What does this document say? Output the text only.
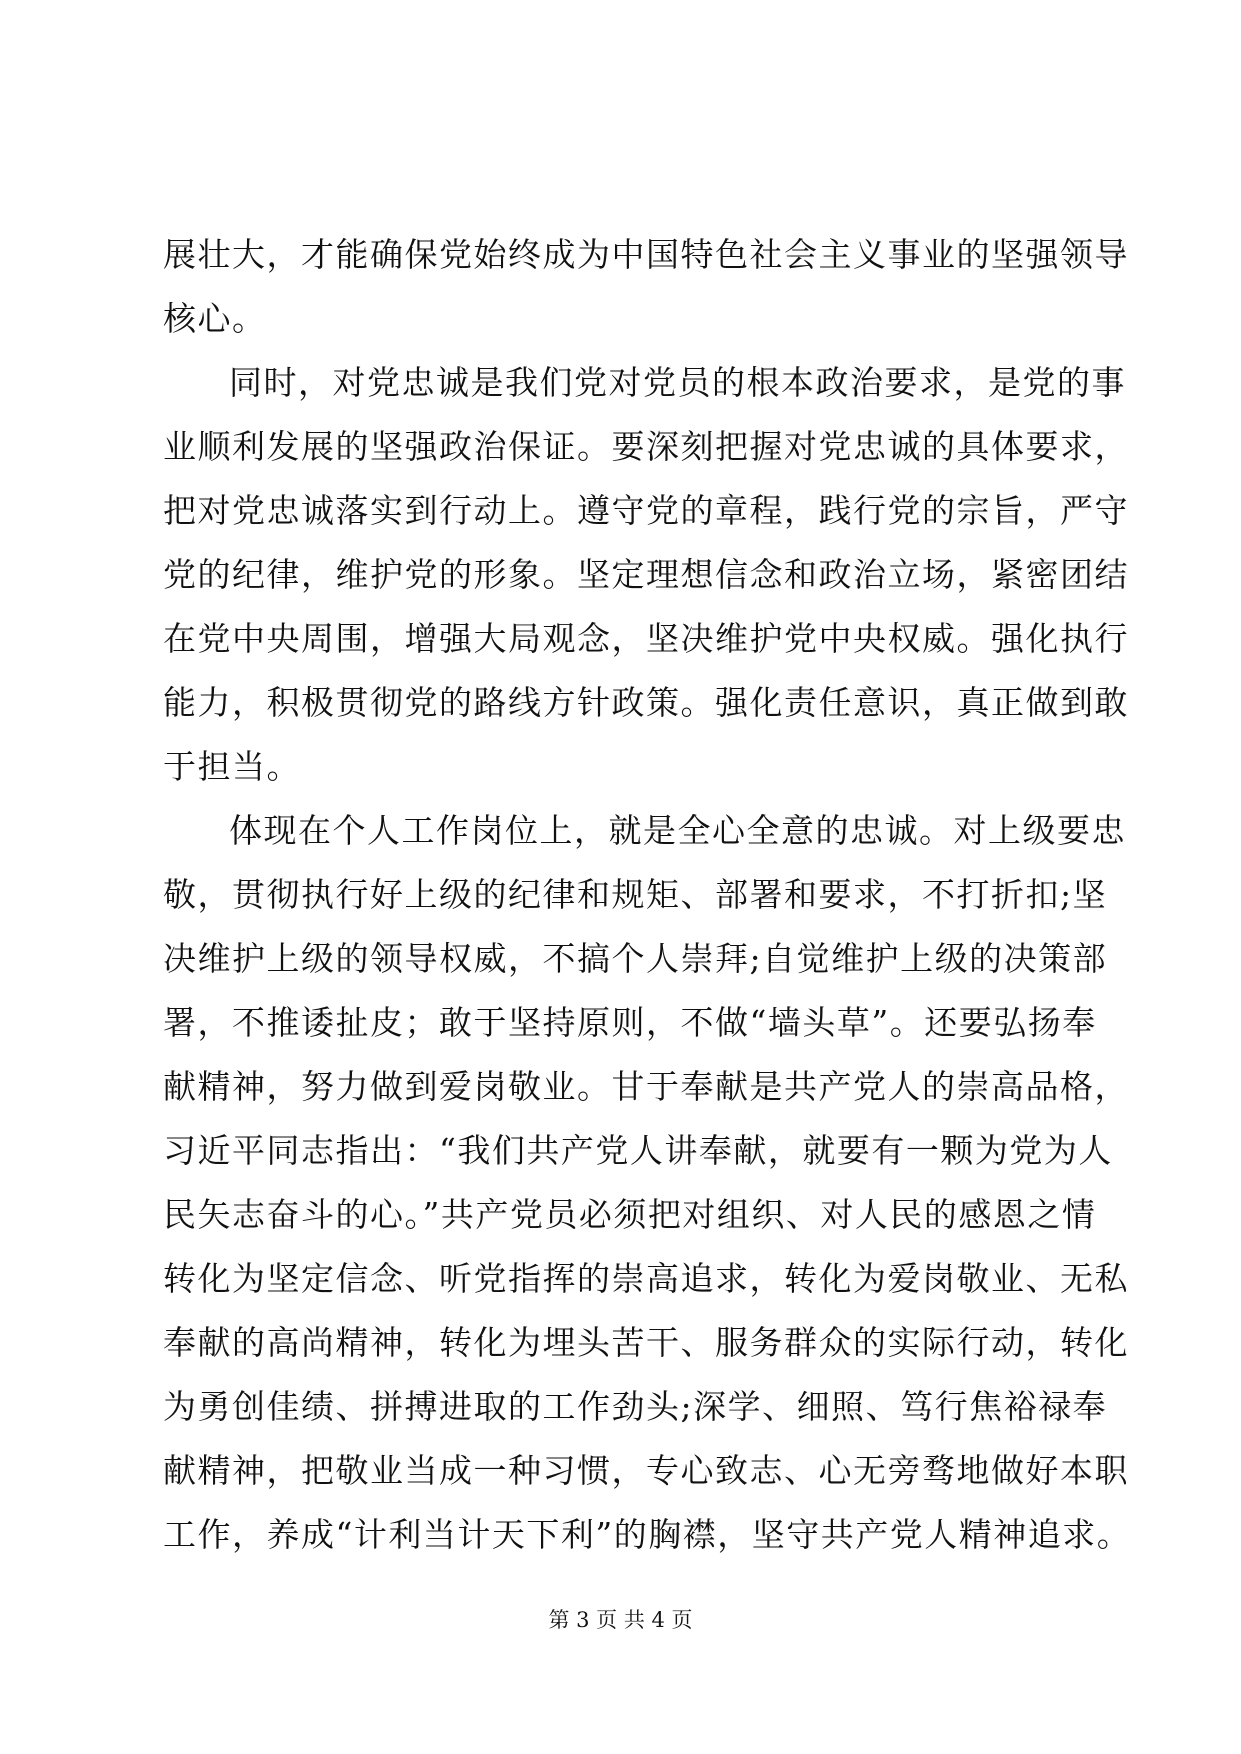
展壮大，才能确保党始终成为中国特色社会主义事业的坚强领导
核心。
同时，对党忠诚是我们党对党员的根本政治要求，是党的事
业顺利发展的坚强政治保证。要深刻把握对党忠诚的具体要求，
把对党忠诚落实到行动上。遵守党的章程，践行党的宗旨，严守
党的纪律，维护党的形象。坚定理想信念和政治立场，紧密团结
在党中央周围，增强大局观念，坚决维护党中央权威。强化执行
能力，积极贯彻党的路线方针政策。强化责任意识，真正做到敢
于担当。
体现在个人工作岗位上，就是全心全意的忠诚。对上级要忠
敬，贯彻执行好上级的纪律和规矩、部署和要求，不打折扣;坚
决维护上级的领导权威，不搞个人崇拜;自觉维护上级的决策部
署，不推诿扯皮；敢于坚持原则，不做“墙头草”。还要弘扬奉
献精神，努力做到爱岗敬业。甘于奉献是共产党人的崇高品格，
习近平同志指出：“我们共产党人讲奉献，就要有一颗为党为人
民矢志奋斗的心。”共产党员必须把对组织、对人民的感恩之情
转化为坚定信念、听党指挥的崇高追求，转化为爱岗敬业、无私
奉献的高尚精神，转化为埋头苦干、服务群众的实际行动，转化
为勇创佳绩、拼搏进取的工作劲头;深学、细照、笃行焦裕禄奉
献精神，把敬业当成一种习惯，专心致志、心无旁骛地做好本职
工作，养成“计利当计天下利”的胸襟，坚守共产党人精神追求。
第 3 页 共 4 页
